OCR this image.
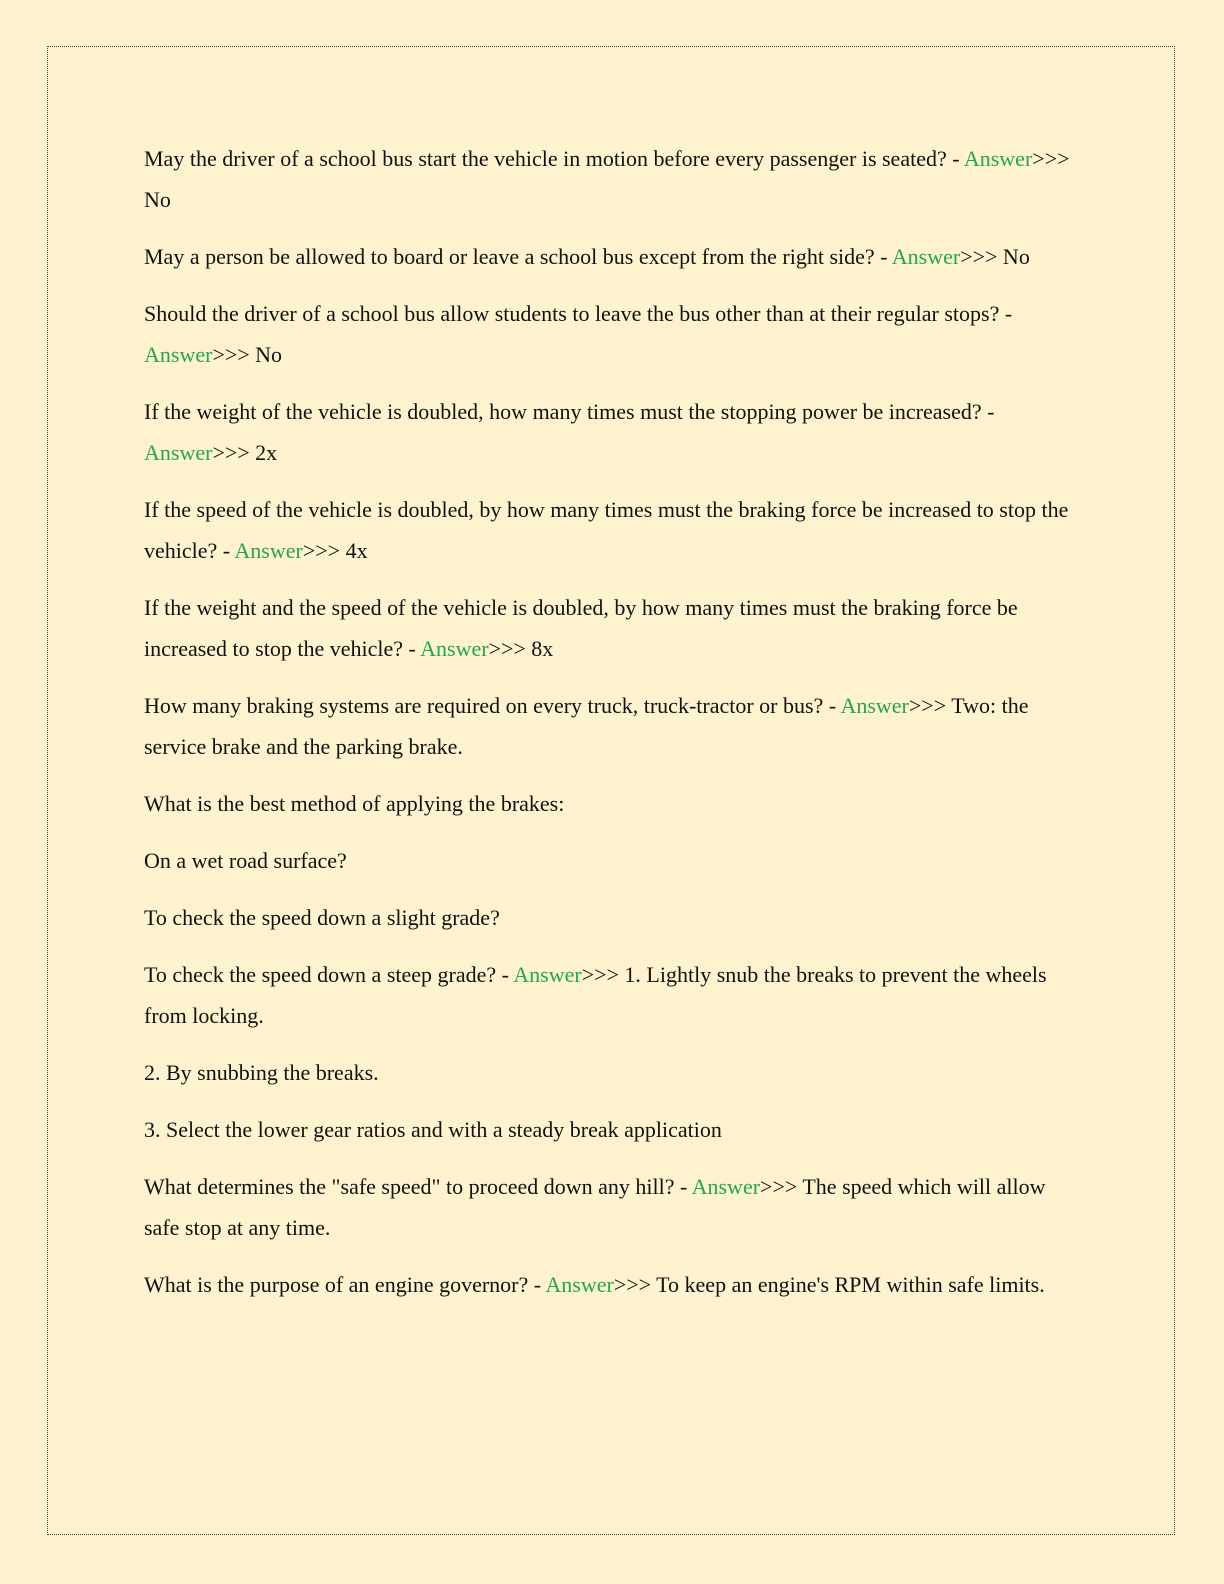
May the driver of a school bus start the vehicle in motion before every passenger is seated? - Answer>>> No

May a person be allowed to board or leave a school bus except from the right side? - Answer>>> No

Should the driver of a school bus allow students to leave the bus other than at their regular stops? - Answer>>> No

If the weight of the vehicle is doubled, how many times must the stopping power be increased? - Answer>>> 2x

If the speed of the vehicle is doubled, by how many times must the braking force be increased to stop the vehicle? - Answer>>> 4x

If the weight and the speed of the vehicle is doubled, by how many times must the braking force be increased to stop the vehicle? - Answer>>> 8x

How many braking systems are required on every truck, truck-tractor or bus? - Answer>>> Two: the service brake and the parking brake.

What is the best method of applying the brakes:

On a wet road surface?

To check the speed down a slight grade?

To check the speed down a steep grade? - Answer>>> 1. Lightly snub the breaks to prevent the wheels from locking.

2. By snubbing the breaks.

3. Select the lower gear ratios and with a steady break application

What determines the "safe speed" to proceed down any hill? - Answer>>> The speed which will allow safe stop at any time.

What is the purpose of an engine governor? - Answer>>> To keep an engine's RPM within safe limits.
